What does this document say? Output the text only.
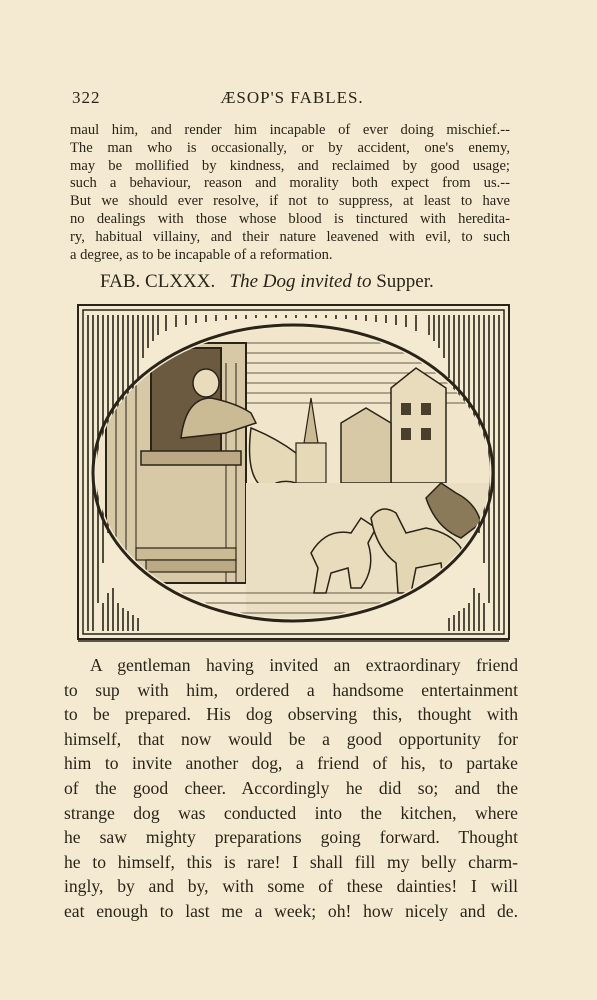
322	ÆSOP'S FABLES.
maul him, and render him incapable of ever doing mischief.--
The man who is occasionally, or by accident, one's enemy,
may be mollified by kindness, and reclaimed by good usage;
such a behaviour, reason and morality both expect from us.--
But we should ever resolve, if not to suppress, at least to have
no dealings with those whose blood is tinctured with heredita-
ry, habitual villainy, and their nature leavened with evil, to such
a degree, as to be incapable of a reformation.
FAB. CLXXX. The Dog invited to Supper.
A gentleman having invited an extraordinary friend
to sup with him, ordered a handsome entertainment
to be prepared. His dog observing this, thought with
himself, that now would be a good opportunity for
him to invite another dog, a friend of his, to partake
of the good cheer. Accordingly he did so; and the
strange dog was conducted into the kitchen, where
he saw mighty preparations going forward. Thought
he to himself, this is rare! I shall fill my belly charm-
ingly, by and by, with some of these dainties! I will
eat enough to last me a week; oh! how nicely and de.
